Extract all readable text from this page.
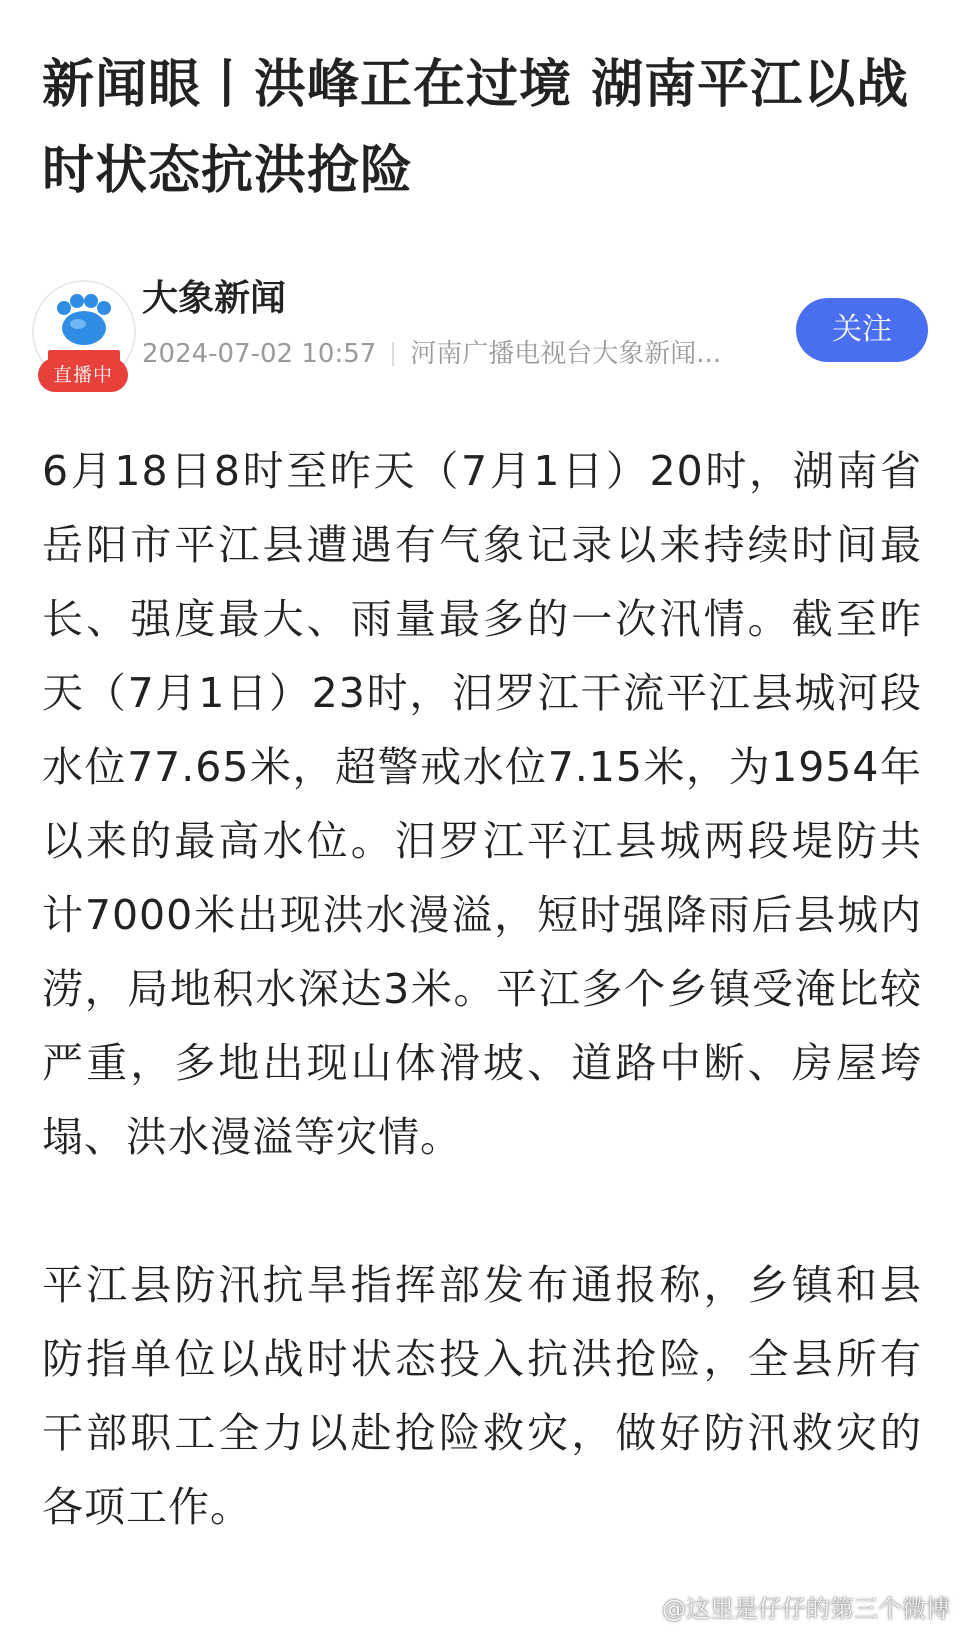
新闻眼丨洪峰正在过境 湖南平江以战时状态抗洪抢险
直播中
大象新闻
2024-07-02 10:57 河南广播电视台大象新闻...
关注

6月18日8时至昨天（7月1日）20时，湖南省岳阳市平江县遭遇有气象记录以来持续时间最长、强度最大、雨量最多的一次汛情。截至昨天（7月1日）23时，汨罗江干流平江县城河段水位77.65米，超警戒水位7.15米，为1954年以来的最高水位。汨罗江平江县城两段堤防共计7000米出现洪水漫溢，短时强降雨后县城内涝，局地积水深达3米。平江多个乡镇受淹比较严重，多地出现山体滑坡、道路中断、房屋垮塌、洪水漫溢等灾情。

平江县防汛抗旱指挥部发布通报称，乡镇和县防指单位以战时状态投入抗洪抢险，全县所有干部职工全力以赴抢险救灾，做好防汛救灾的各项工作。

@这里是仔仔的第三个微博
